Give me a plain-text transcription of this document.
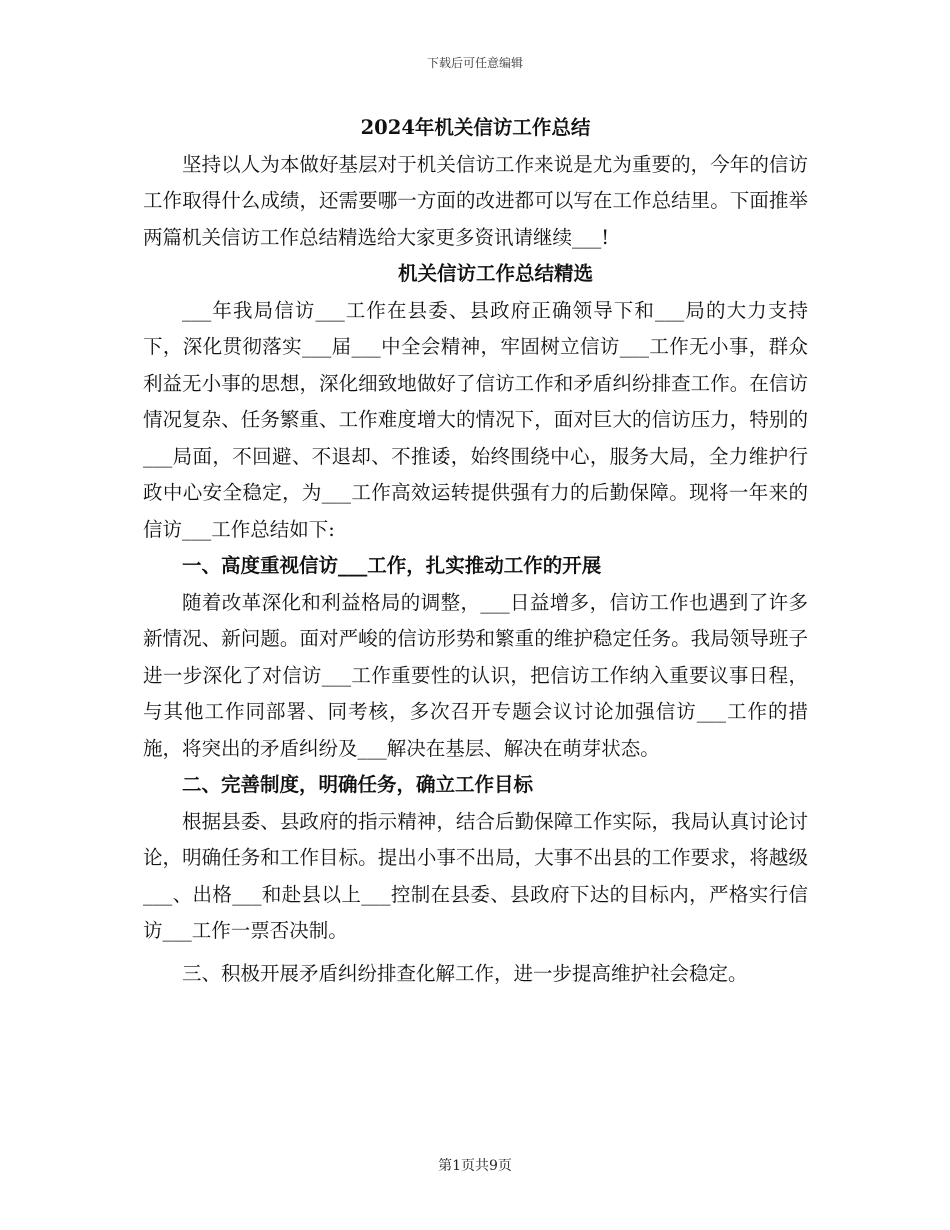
下载后可任意编辑

2024年机关信访工作总结

坚持以人为本做好基层对于机关信访工作来说是尤为重要的，今年的信访工作取得什么成绩，还需要哪一方面的改进都可以写在工作总结里。下面推举两篇机关信访工作总结精选给大家更多资讯请继续___!

机关信访工作总结精选

___年我局信访___工作在县委、县政府正确领导下和___局的大力支持下，深化贯彻落实___届___中全会精神，牢固树立信访___工作无小事，群众利益无小事的思想，深化细致地做好了信访工作和矛盾纠纷排查工作。在信访情况复杂、任务繁重、工作难度增大的情况下，面对巨大的信访压力，特别的___局面，不回避、不退却、不推诿，始终围绕中心，服务大局，全力维护行政中心安全稳定，为___工作高效运转提供强有力的后勤保障。现将一年来的信访___工作总结如下:

一、高度重视信访___工作，扎实推动工作的开展

随着改革深化和利益格局的调整，___日益增多，信访工作也遇到了许多新情况、新问题。面对严峻的信访形势和繁重的维护稳定任务。我局领导班子进一步深化了对信访___工作重要性的认识，把信访工作纳入重要议事日程，与其他工作同部署、同考核，多次召开专题会议讨论加强信访___工作的措施，将突出的矛盾纠纷及___解决在基层、解决在萌芽状态。

二、完善制度，明确任务，确立工作目标

根据县委、县政府的指示精神，结合后勤保障工作实际，我局认真讨论讨论，明确任务和工作目标。提出小事不出局，大事不出县的工作要求，将越级___、出格___和赴县以上___控制在县委、县政府下达的目标内，严格实行信访___工作一票否决制。

三、积极开展矛盾纠纷排查化解工作，进一步提高维护社会稳定。

第1页共9页
